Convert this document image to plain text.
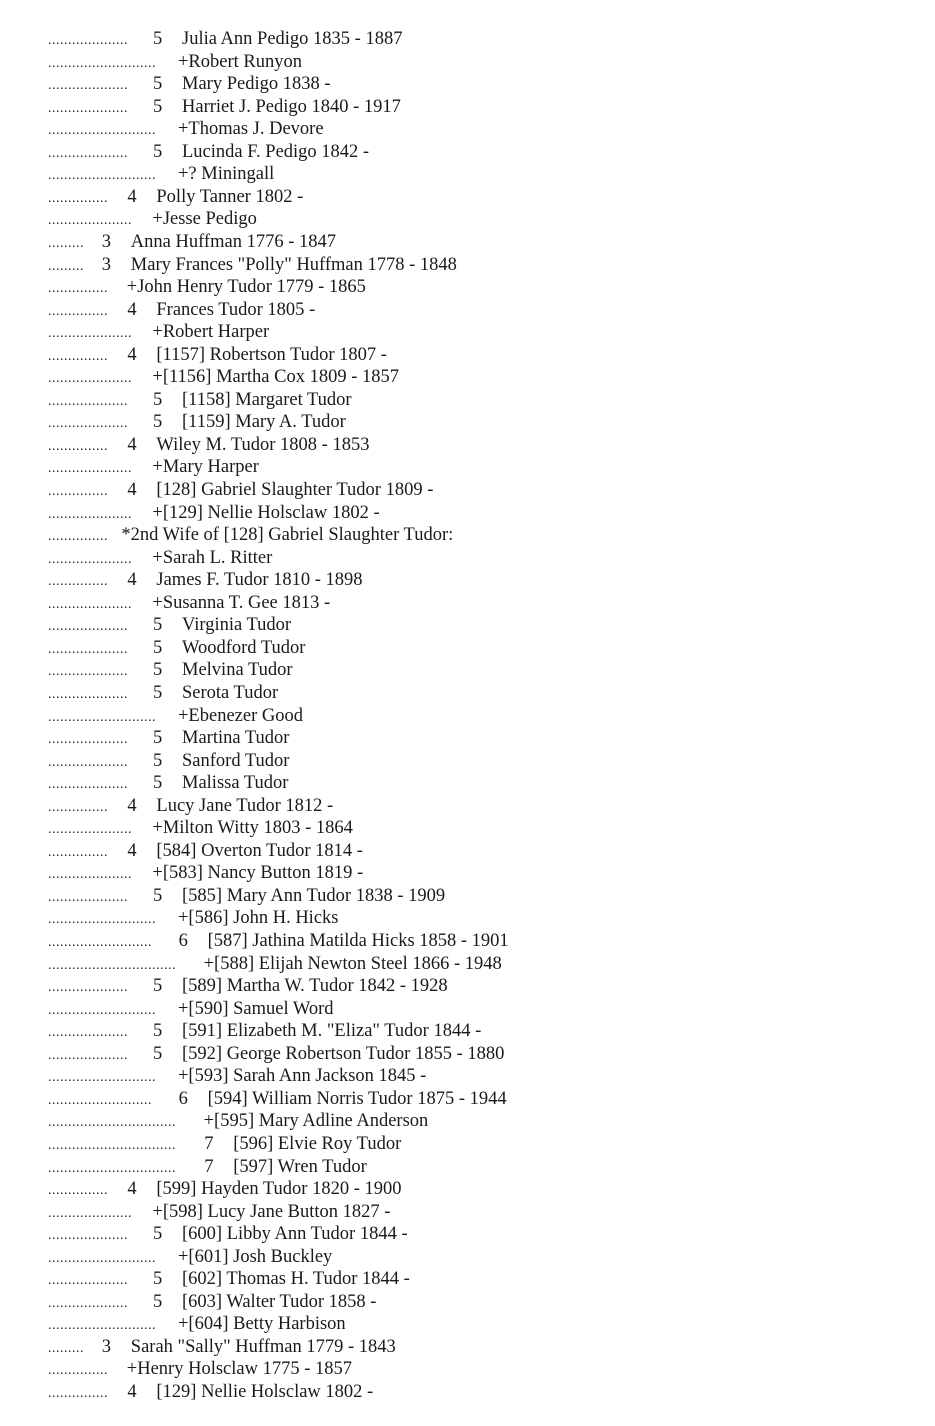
....................	5 Julia Ann Pedigo 1835 - 1887
...........................	+Robert Runyon
....................	5 Mary Pedigo 1838 -
....................	5 Harriet J. Pedigo 1840 - 1917
...........................	+Thomas J. Devore
....................	5 Lucinda F. Pedigo 1842 -
...........................	+? Miningall
............... 4 Polly Tanner 1802 -
.....................	+Jesse Pedigo
......... 3 Anna Huffman 1776 - 1847
......... 3 Mary Frances "Polly" Huffman 1778 - 1848
...............	+John Henry Tudor 1779 - 1865
............... 4 Frances Tudor 1805 -
.....................	+Robert Harper
............... 4 [1157] Robertson Tudor 1807 -
.....................	+[1156] Martha Cox 1809 - 1857
....................	5 [1158] Margaret Tudor
....................	5 [1159] Mary A. Tudor
............... 4 Wiley M. Tudor 1808 - 1853
.....................	+Mary Harper
............... 4 [128] Gabriel Slaughter Tudor 1809 -
.....................	+[129] Nellie Holsclaw 1802 -
............... *2nd Wife of [128] Gabriel Slaughter Tudor:
.....................	+Sarah L. Ritter
............... 4 James F. Tudor 1810 - 1898
.....................	+Susanna T. Gee 1813 -
....................	5 Virginia Tudor
....................	5 Woodford Tudor
....................	5 Melvina Tudor
....................	5 Serota Tudor
...........................	+Ebenezer Good
....................	5 Martina Tudor
....................	5 Sanford Tudor
....................	5 Malissa Tudor
............... 4 Lucy Jane Tudor 1812 -
.....................	+Milton Witty 1803 - 1864
............... 4 [584] Overton Tudor 1814 -
.....................	+[583] Nancy Button 1819 -
....................	5 [585] Mary Ann Tudor 1838 - 1909
...........................	+[586] John H. Hicks
..........................	6 [587] Jathina Matilda Hicks 1858 - 1901
................................	+[588] Elijah Newton Steel 1866 - 1948
....................	5 [589] Martha W. Tudor 1842 - 1928
...........................	+[590] Samuel Word
....................	5 [591] Elizabeth M. "Eliza" Tudor 1844 -
....................	5 [592] George Robertson Tudor 1855 - 1880
...........................	+[593] Sarah Ann Jackson 1845 -
..........................	6 [594] William Norris Tudor 1875 - 1944
................................	+[595] Mary Adline Anderson
................................	7 [596] Elvie Roy Tudor
................................	7 [597] Wren Tudor
............... 4 [599] Hayden Tudor 1820 - 1900
.....................	+[598] Lucy Jane Button 1827 -
....................	5 [600] Libby Ann Tudor 1844 -
...........................	+[601] Josh Buckley
....................	5 [602] Thomas H. Tudor 1844 -
....................	5 [603] Walter Tudor 1858 -
...........................	+[604] Betty Harbison
......... 3 Sarah "Sally" Huffman 1779 - 1843
...............	+Henry Holsclaw 1775 - 1857
............... 4 [129] Nellie Holsclaw 1802 -
